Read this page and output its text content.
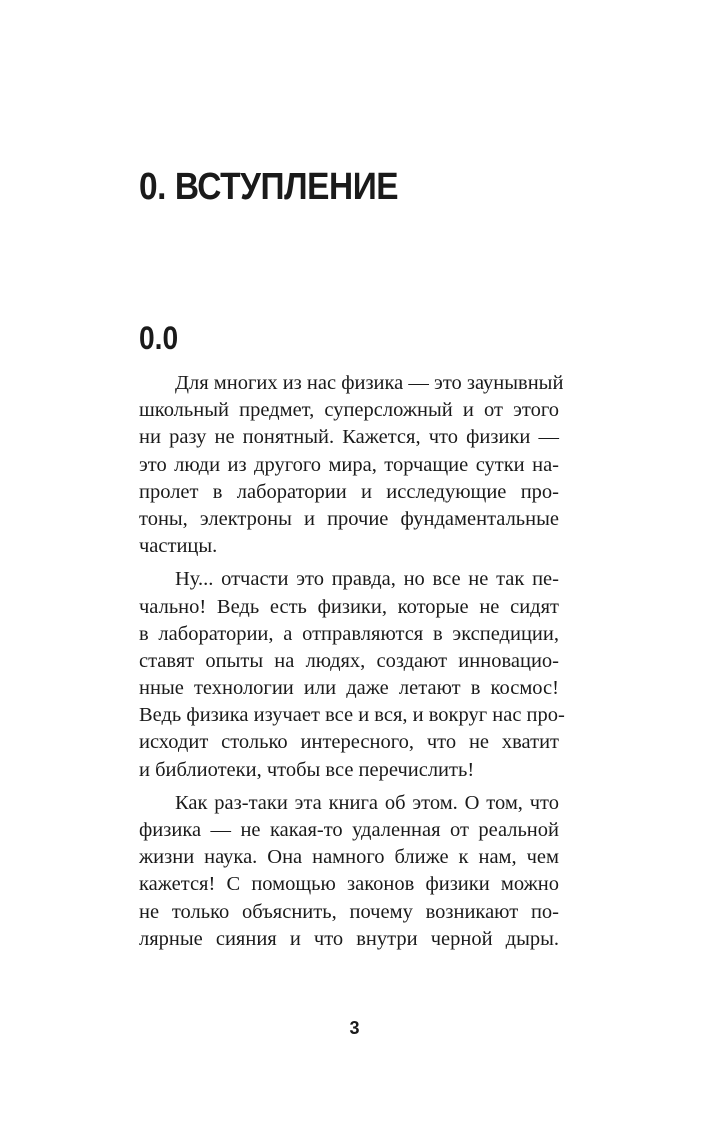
0. ВСТУПЛЕНИЕ
0.0
Для многих из нас физика — это заунывный
школьный предмет, суперсложный и от этого
ни разу не понятный. Кажется, что физики —
это люди из другого мира, торчащие сутки на-
пролет в лаборатории и исследующие про-
тоны, электроны и прочие фундаментальные
частицы.
Ну... отчасти это правда, но все не так пе-
чально! Ведь есть физики, которые не сидят
в лаборатории, а отправляются в экспедиции,
ставят опыты на людях, создают инновацио-
нные технологии или даже летают в космос!
Ведь физика изучает все и вся, и вокруг нас про-
исходит столько интересного, что не хватит
и библиотеки, чтобы все перечислить!
Как раз-таки эта книга об этом. О том, что
физика — не какая-то удаленная от реальной
жизни наука. Она намного ближе к нам, чем
кажется! С помощью законов физики можно
не только объяснить, почему возникают по-
лярные сияния и что внутри черной дыры.
3
